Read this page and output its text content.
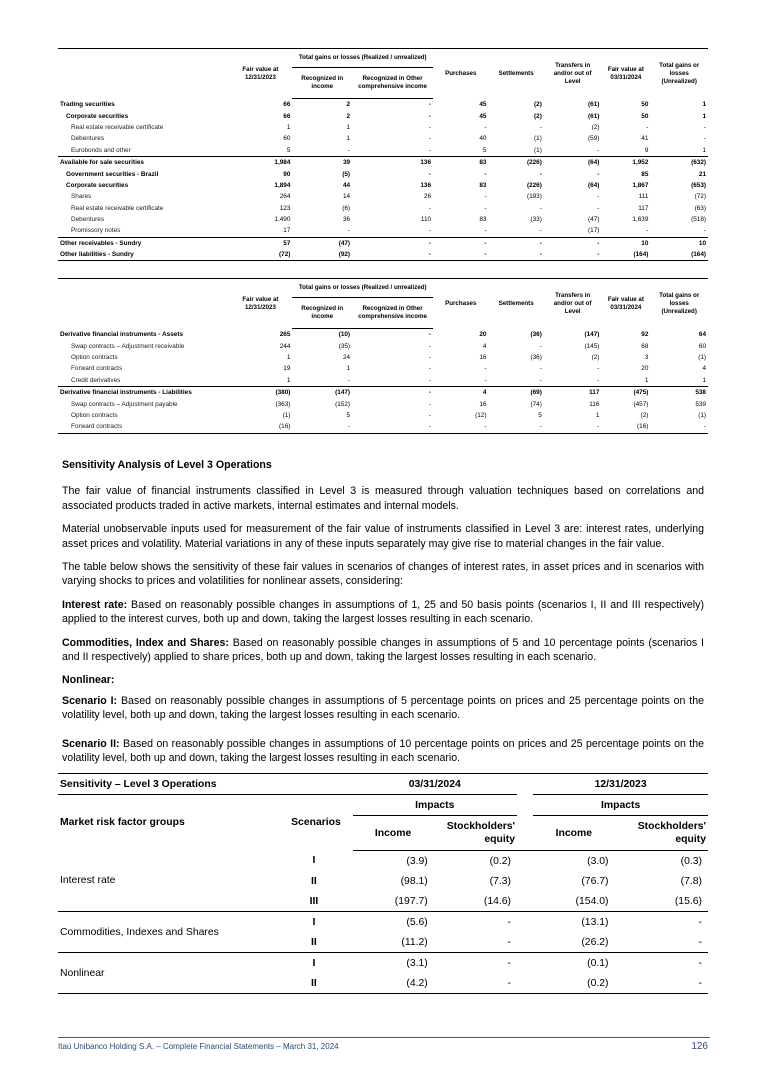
	Fair value at 12/31/2023	Total gains or losses (Realized / unrealized)		Purchases	Settlements	Transfers in and/or out of Level	Fair value at 03/31/2024	Total gains or losses (Unrealized)
		Recognized in income	Recognized in Other comprehensive income					
Trading securities	66	2	-	45	(2)	(61)	50	1
Corporate securities	66	2	-	45	(2)	(61)	50	1
Real estate receivable certificate	1	1	-	-	-	(2)	-	-
Debentures	60	1	-	40	(1)	(59)	41	-
Eurobonds and other	5	-	-	5	(1)	-	9	1
Available for sale securities	1,984	39	136	83	(226)	(64)	1,952	(632)
Government securities - Brazil	90	(5)	-	-	-	-	85	21
Corporate securities	1,894	44	136	83	(226)	(64)	1,867	(653)
Shares	264	14	26	-	(193)	-	111	(72)
Real estate receivable certificate	123	(6)	-	-	-	-	117	(63)
Debentures	1,490	36	110	83	(33)	(47)	1,639	(518)
Promissory notes	17	-	-	-	-	(17)	-	-
Other receivables - Sundry	57	(47)	-	-	-	-	10	10
Other liabilities - Sundry	(72)	(92)	-	-	-	-	(164)	(164)
	Fair value at 12/31/2023	Total gains or losses (Realized / unrealized)		Purchases	Settlements	Transfers in and/or out of Level	Fair value at 03/31/2024	Total gains or losses (Unrealized)
		Recognized in income	Recognized in Other comprehensive income					
Derivative financial instruments - Assets	265	(10)	-	20	(36)	(147)	92	64
Swap contracts – Adjustment receivable	244	(35)	-	4	-	(145)	68	60
Option contracts	1	24	-	16	(36)	(2)	3	(1)
Forward contracts	19	1	-	-	-	-	20	4
Credit derivatives	1	-	-	-	-	-	1	1
Derivative financial instruments - Liabilities	(380)	(147)	-	4	(69)	117	(475)	538
Swap contracts – Adjustment payable	(363)	(152)	-	16	(74)	116	(457)	539
Option contracts	(1)	5	-	(12)	5	1	(2)	(1)
Forward contracts	(16)	-	-	-	-	-	(16)	-

Sensitivity Analysis of Level 3 Operations

The fair value of financial instruments classified in Level 3 is measured through valuation techniques based on correlations and associated products traded in active markets, internal estimates and internal models.

Material unobservable inputs used for measurement of the fair value of instruments classified in Level 3 are: interest rates, underlying asset prices and volatility. Material variations in any of these inputs separately may give rise to material changes in the fair value.

The table below shows the sensitivity of these fair values in scenarios of changes of interest rates, in asset prices and in scenarios with varying shocks to prices and volatilities for nonlinear assets, considering:

Interest rate: Based on reasonably possible changes in assumptions of 1, 25 and 50 basis points (scenarios I, II and III respectively) applied to the interest curves, both up and down, taking the largest losses resulting in each scenario.

Commodities, Index and Shares: Based on reasonably possible changes in assumptions of 5 and 10 percentage points (scenarios I and II respectively) applied to share prices, both up and down, taking the largest losses resulting in each scenario.

Nonlinear:

Scenario I: Based on reasonably possible changes in assumptions of 5 percentage points on prices and 25 percentage points on the volatility level, both up and down, taking the largest losses resulting in each scenario.

Scenario II: Based on reasonably possible changes in assumptions of 10 percentage points on prices and 25 percentage points on the volatility level, both up and down, taking the largest losses resulting in each scenario.

Sensitivity – Level 3 Operations		03/31/2024			12/31/2023	
Market risk factor groups	Scenarios	Impacts			Impacts	
		Income	Stockholders' equity		Income	Stockholders' equity
Interest rate	I	(3.9)	(0.2)		(3.0)	(0.3)
	II	(98.1)	(7.3)		(76.7)	(7.8)
	III	(197.7)	(14.6)		(154.0)	(15.6)
Commodities, Indexes and Shares	I	(5.6)	-		(13.1)	-
	II	(11.2)	-		(26.2)	-
Nonlinear	I	(3.1)	-		(0.1)	-
	II	(4.2)	-		(0.2)	-
Itaú Unibanco Holding S.A. – Complete Financial Statements – March 31, 2024	126
